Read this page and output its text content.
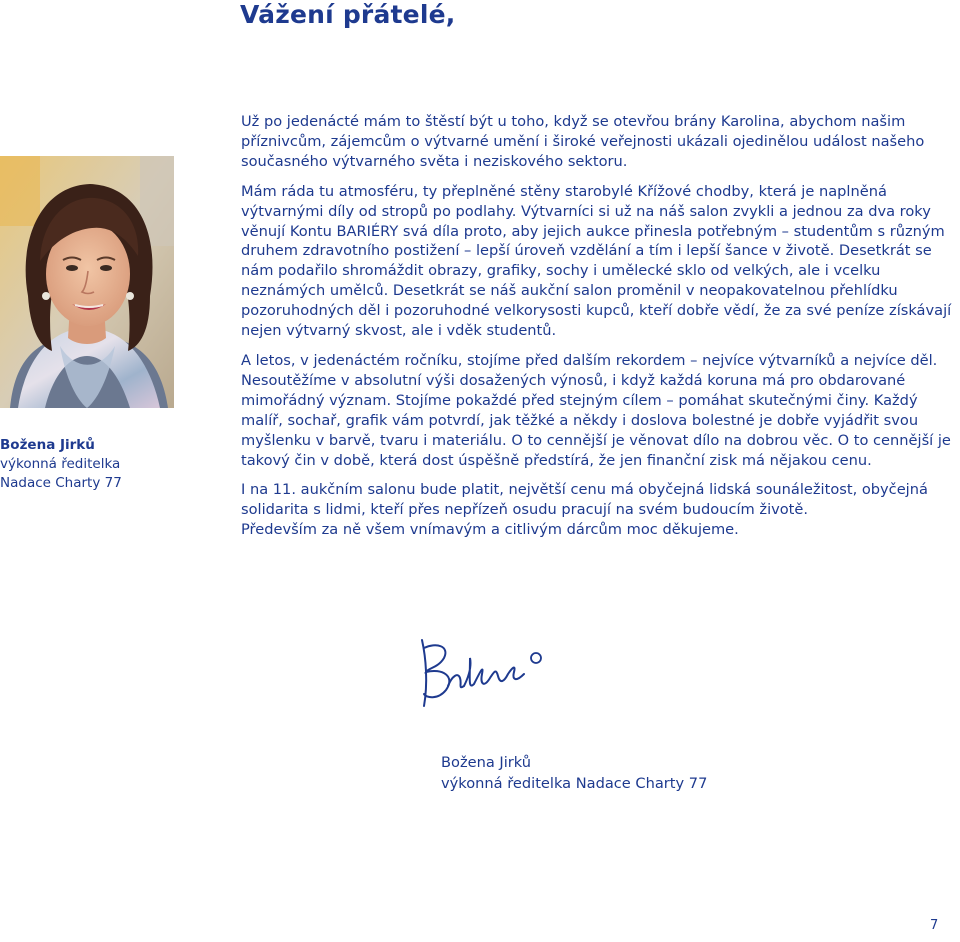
Vážení přátelé,
Božena Jirků
výkonná ředitelka
Nadace Charty 77

Už po jedenácté mám to štěstí být u toho, když se otevřou brány Karolina, abychom našim příznivcům, zájemcům o výtvarné umění i široké veřejnosti ukázali ojedinělou událost našeho současného výtvarného světa i neziskového sektoru.

Mám ráda tu atmosféru, ty přeplněné stěny starobylé Křížové chodby, která je naplněná výtvarnými díly od stropů po podlahy. Výtvarníci si už na náš salon zvykli a jednou za dva roky věnují Kontu BARIÉRY svá díla proto, aby jejich aukce přinesla potřebným – studentům s různým druhem zdravotního postižení – lepší úroveň vzdělání a tím i lepší šance v životě. Desetkrát se nám podařilo shromáždit obrazy, grafiky, sochy i umělecké sklo od velkých, ale i vcelku neznámých umělců. Desetkrát se náš aukční salon proměnil v neopakovatelnou přehlídku pozoruhodných děl i pozoruhodné velkorysosti kupců, kteří dobře vědí, že za své peníze získávají nejen výtvarný skvost, ale i vděk studentů.

A letos, v jedenáctém ročníku, stojíme před dalším rekordem – nejvíce výtvarníků a nejvíce děl. Nesoutěžíme v absolutní výši dosažených výnosů, i když každá koruna má pro obdarované mimořádný význam. Stojíme pokaždé před stejným cílem – pomáhat skutečnými činy. Každý malíř, sochař, grafik vám potvrdí, jak těžké a někdy i doslova bolestné je dobře vyjádřit svou myšlenku v barvě, tvaru i materiálu. O to cennější je věnovat dílo na dobrou věc. O to cennější je takový čin v době, která dost úspěšně předstírá, že jen finanční zisk má nějakou cenu.

I na 11. aukčním salonu bude platit, největší cenu má obyčejná lidská sounáležitost, obyčejná solidarita s lidmi, kteří přes nepřízeň osudu pracují na svém budoucím životě.

Především za ně všem vnímavým a citlivým dárcům moc děkujeme.

Božena Jirků
výkonná ředitelka Nadace Charty 77
7
